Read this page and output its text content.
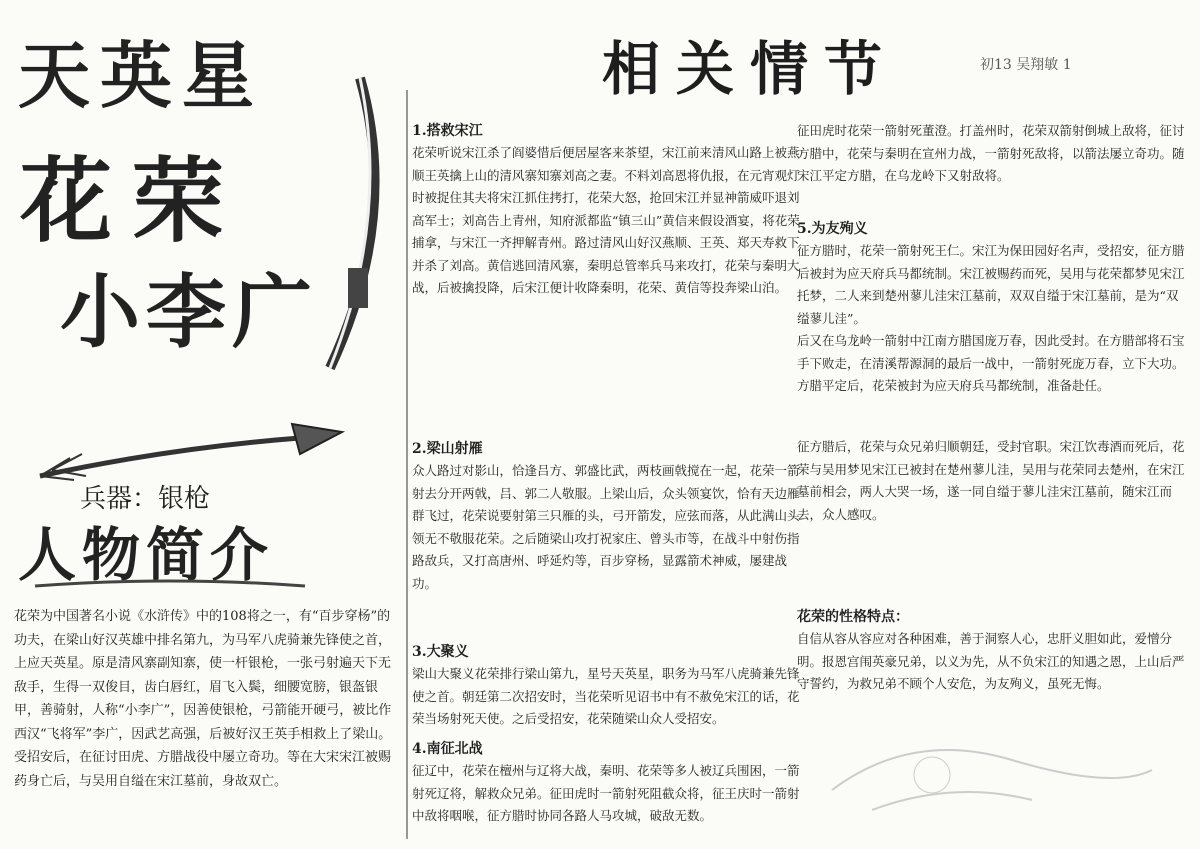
天英星
花荣
小李广
兵器：银枪
人物简介
花荣为中国著名小说《水浒传》中的108将之一，有“百步穿杨”的功夫，在梁山好汉英雄中排名第九，为马军八虎骑兼先锋使之首，上应天英星。原是清风寨副知寨，使一杆银枪，一张弓射遍天下无敌手，生得一双俊目，齿白唇红，眉飞入鬓，细腰宽膀，银盔银甲，善骑射，人称“小李广”，因善使银枪，弓箭能开硬弓，被比作西汉“飞将军”李广，因武艺高强，后被好汉王英手相救上了梁山。受招安后，在征讨田虎、方腊战役中屡立奇功。等在大宋宋江被赐药身亡后，与吴用自缢在宋江墓前，身故双亡。
相关情节	初13 吴翔敏 1
1.搭救宋江
花荣听说宋江杀了阎婆惜后便居屋客来茶望，宋江前来清风山路上被燕顺王英擒上山的清风寨知寨刘高之妻。不料刘高恩将仇报，在元宵观灯时被捉住其夫将宋江抓住拷打，花荣大怒，抢回宋江并显神箭威吓退刘高军士；刘高告上青州，知府派都监“镇三山”黄信来假设酒宴，将花荣捕拿，与宋江一齐押解青州。路过清风山好汉燕顺、王英、郑天寿救下并杀了刘高。黄信逃回清风寨，秦明总管率兵马来攻打，花荣与秦明大战，后被擒投降，后宋江便计收降秦明，花荣、黄信等投奔梁山泊。
2.梁山射雁
众人路过对影山，恰逢吕方、郭盛比武，两枝画戟搅在一起，花荣一箭射去分开两戟，吕、郭二人敬服。上梁山后，众头领宴饮，恰有天边雁群飞过，花荣说要射第三只雁的头，弓开箭发，应弦而落，从此满山头领无不敬服花荣。之后随梁山攻打祝家庄、曾头市等，在战斗中射伤指路敌兵，又打高唐州、呼延灼等，百步穿杨，显露箭术神威，屡建战功。
3.大聚义
梁山大聚义花荣排行梁山第九，星号天英星，职务为马军八虎骑兼先锋使之首。朝廷第二次招安时，当花荣听见诏书中有不赦免宋江的话，花荣当场射死天使。之后受招安，花荣随梁山众人受招安。
4.南征北战
征辽中，花荣在檀州与辽将大战，秦明、花荣等多人被辽兵围困，一箭射死辽将，解救众兄弟。征田虎时一箭射死阻截众将，征王庆时一箭射中敌将咽喉，征方腊时协同各路人马攻城，破敌无数。
征田虎时花荣一箭射死董澄。打盖州时，花荣双箭射倒城上敌将，征讨方腊中，花荣与秦明在宣州力战，一箭射死敌将，以箭法屡立奇功。随宋江平定方腊，在乌龙岭下又射敌将。
5.为友殉义
征方腊时，花荣一箭射死王仁。宋江为保田园好名声，受招安，征方腊后被封为应天府兵马都统制。宋江被赐药而死，吴用与花荣都梦见宋江托梦，二人来到楚州蓼儿洼宋江墓前，双双自缢于宋江墓前，是为“双缢蓼儿洼”。
后又在乌龙岭一箭射中江南方腊国庞万春，因此受封。在方腊部将石宝手下败走，在清溪帮源洞的最后一战中，一箭射死庞万春，立下大功。方腊平定后，花荣被封为应天府兵马都统制，准备赴任。
征方腊后，花荣与众兄弟归顺朝廷，受封官职。宋江饮毒酒而死后，花荣与吴用梦见宋江已被封在楚州蓼儿洼，吴用与花荣同去楚州，在宋江墓前相会，两人大哭一场，遂一同自缢于蓼儿洼宋江墓前，随宋江而去，众人感叹。
花荣的性格特点：
自信从容从容应对各种困难，善于洞察人心，忠肝义胆如此，爱憎分明。报恩宫闱英豪兄弟，以义为先，从不负宋江的知遇之恩，上山后严守誓约，为救兄弟不顾个人安危，为友殉义，虽死无悔。
